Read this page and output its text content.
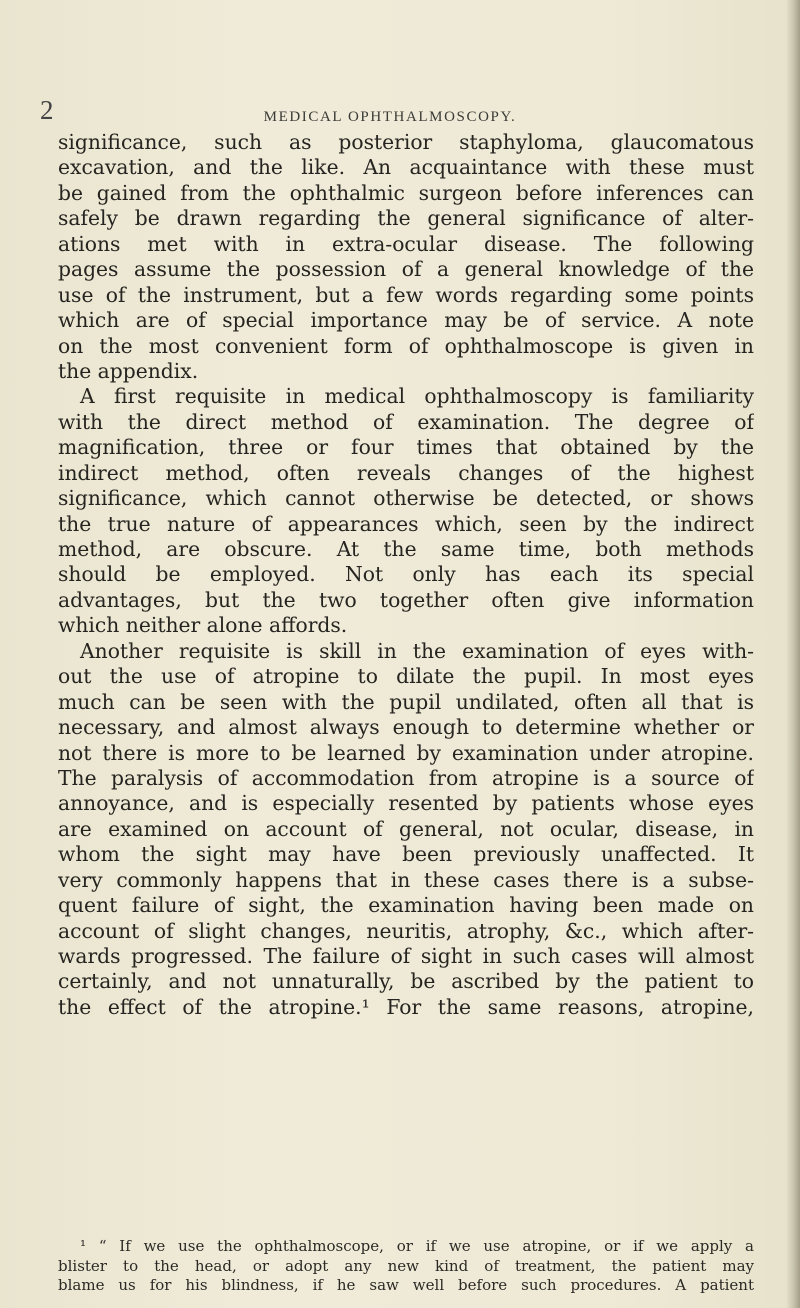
2	MEDICAL OPHTHALMOSCOPY.
significance, such as posterior staphyloma, glaucomatous
excavation, and the like. An acquaintance with these must
be gained from the ophthalmic surgeon before inferences can
safely be drawn regarding the general significance of alter-
ations met with in extra-ocular disease. The following
pages assume the possession of a general knowledge of the
use of the instrument, but a few words regarding some points
which are of special importance may be of service. A note
on the most convenient form of ophthalmoscope is given in
the appendix.
A first requisite in medical ophthalmoscopy is familiarity
with the direct method of examination. The degree of
magnification, three or four times that obtained by the
indirect method, often reveals changes of the highest
significance, which cannot otherwise be detected, or shows
the true nature of appearances which, seen by the indirect
method, are obscure. At the same time, both methods
should be employed. Not only has each its special
advantages, but the two together often give information
which neither alone affords.
Another requisite is skill in the examination of eyes with-
out the use of atropine to dilate the pupil. In most eyes
much can be seen with the pupil undilated, often all that is
necessary, and almost always enough to determine whether or
not there is more to be learned by examination under atropine.
The paralysis of accommodation from atropine is a source of
annoyance, and is especially resented by patients whose eyes
are examined on account of general, not ocular, disease, in
whom the sight may have been previously unaffected. It
very commonly happens that in these cases there is a subse-
quent failure of sight, the examination having been made on
account of slight changes, neuritis, atrophy, &c., which after-
wards progressed. The failure of sight in such cases will almost
certainly, and not unnaturally, be ascribed by the patient to
the effect of the atropine.¹ For the same reasons, atropine,
¹ “ If we use the ophthalmoscope, or if we use atropine, or if we apply a
blister to the head, or adopt any new kind of treatment, the patient may
blame us for his blindness, if he saw well before such procedures. A patient
